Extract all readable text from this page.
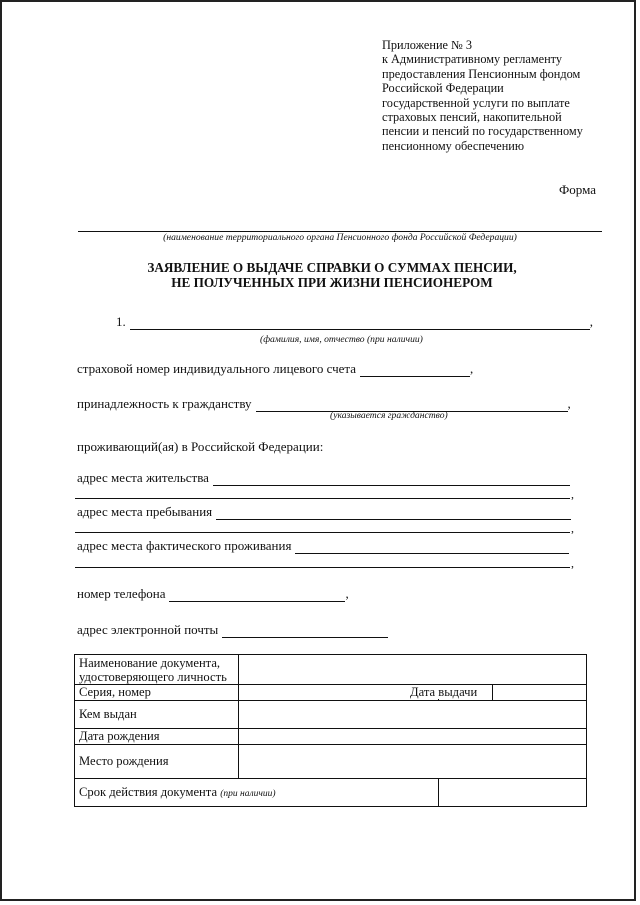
Приложение № 3
к Административному регламенту
предоставления Пенсионным фондом
Российской Федерации
государственной услуги по выплате
страховых пенсий, накопительной
пенсии и пенсий по государственному
пенсионному обеспечению
Форма
(наименование территориального органа Пенсионного фонда Российской Федерации)
ЗАЯВЛЕНИЕ О ВЫДАЧЕ СПРАВКИ О СУММАХ ПЕНСИИ,
НЕ ПОЛУЧЕННЫХ ПРИ ЖИЗНИ ПЕНСИОНЕРОМ
1.	,
(фамилия, имя, отчество (при наличии)
страховой номер индивидуального лицевого счета	,
принадлежность к гражданству	,
(указывается гражданство)
проживающий(ая) в Российской Федерации:
адрес места жительства
,
адрес места пребывания
,
адрес места фактического проживания
,
номер телефона	,
адрес электронной почты
Наименование документа,
удостоверяющего личность			

Серия, номер		Дата выдачи	
Кем выдан			
Дата рождения			
Место рождения			
Срок действия документа (при наличии)			
